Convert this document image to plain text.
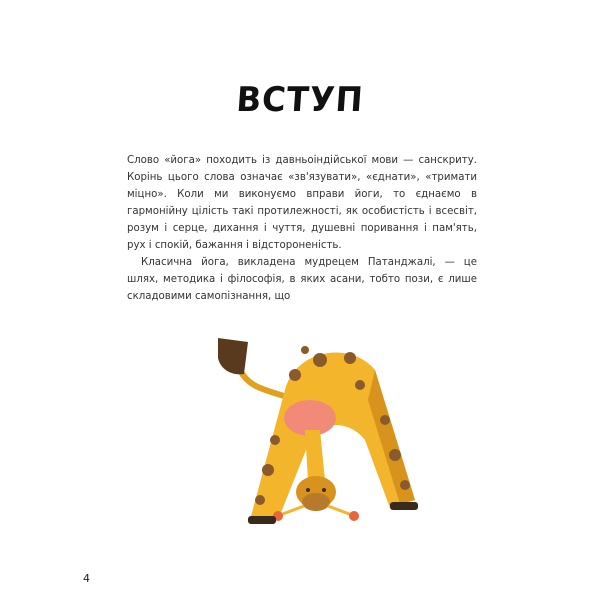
ВСТУП

Слово «йога» походить із давньоіндійської мови — санскриту. Корінь цього слова означає «зв'язувати», «єднати», «тримати міцно». Коли ми виконуємо вправи йоги, то єднаємо в гармонійну цілість такі протилежності, як особистість і всесвіт, розум і серце, дихання і чуття, душевні поривання і пам'ять, рух і спокій, бажання і відстороненість.

Класична йога, викладена мудрецем Патанджалі, — це шлях, методика і філософія, в яких асани, тобто пози, є лише складовими самопізнання, що

4
